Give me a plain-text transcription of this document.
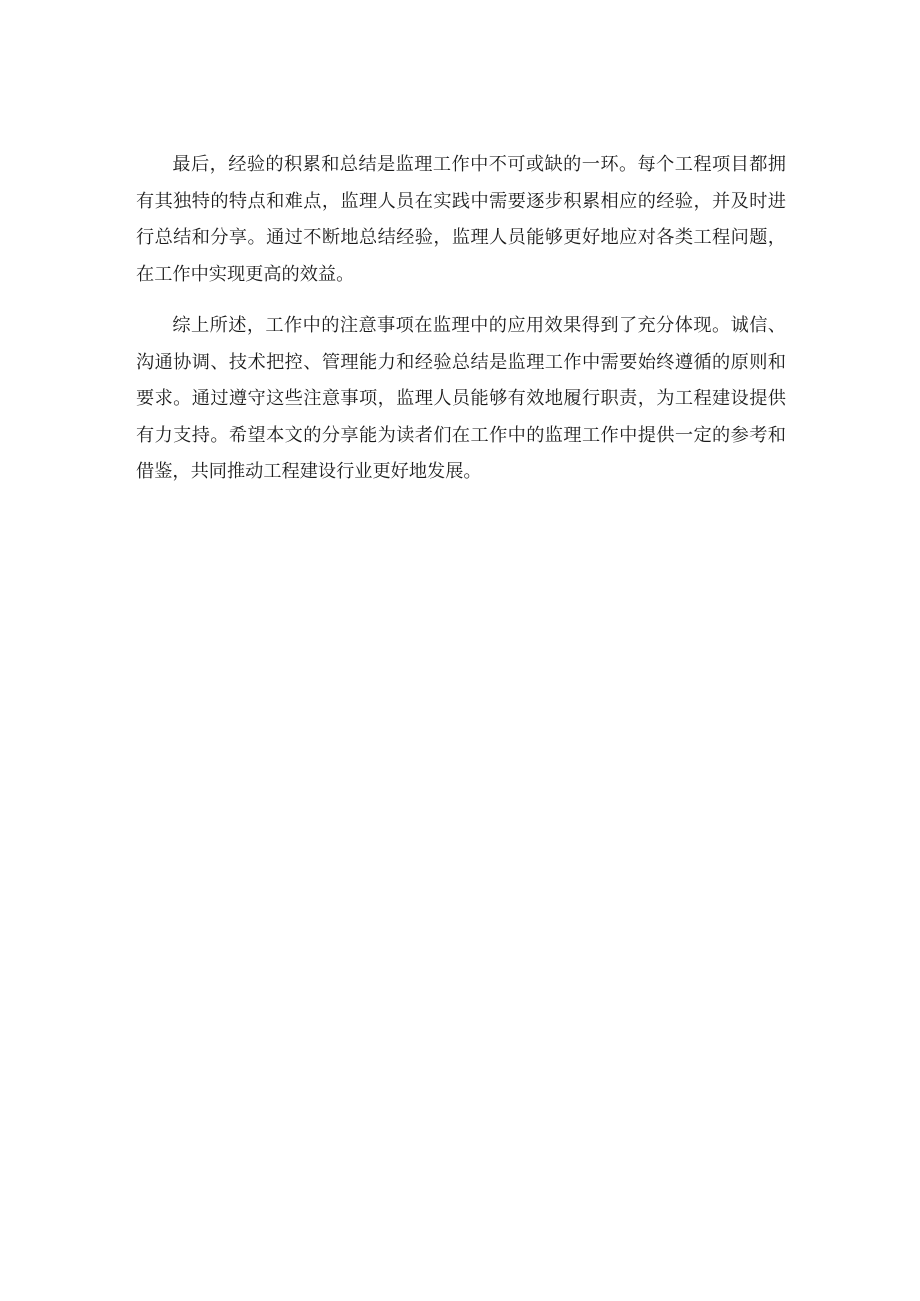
最后，经验的积累和总结是监理工作中不可或缺的一环。每个工程项目都拥有其独特的特点和难点，监理人员在实践中需要逐步积累相应的经验，并及时进行总结和分享。通过不断地总结经验，监理人员能够更好地应对各类工程问题，在工作中实现更高的效益。

综上所述，工作中的注意事项在监理中的应用效果得到了充分体现。诚信、沟通协调、技术把控、管理能力和经验总结是监理工作中需要始终遵循的原则和要求。通过遵守这些注意事项，监理人员能够有效地履行职责，为工程建设提供有力支持。希望本文的分享能为读者们在工作中的监理工作中提供一定的参考和借鉴，共同推动工程建设行业更好地发展。
